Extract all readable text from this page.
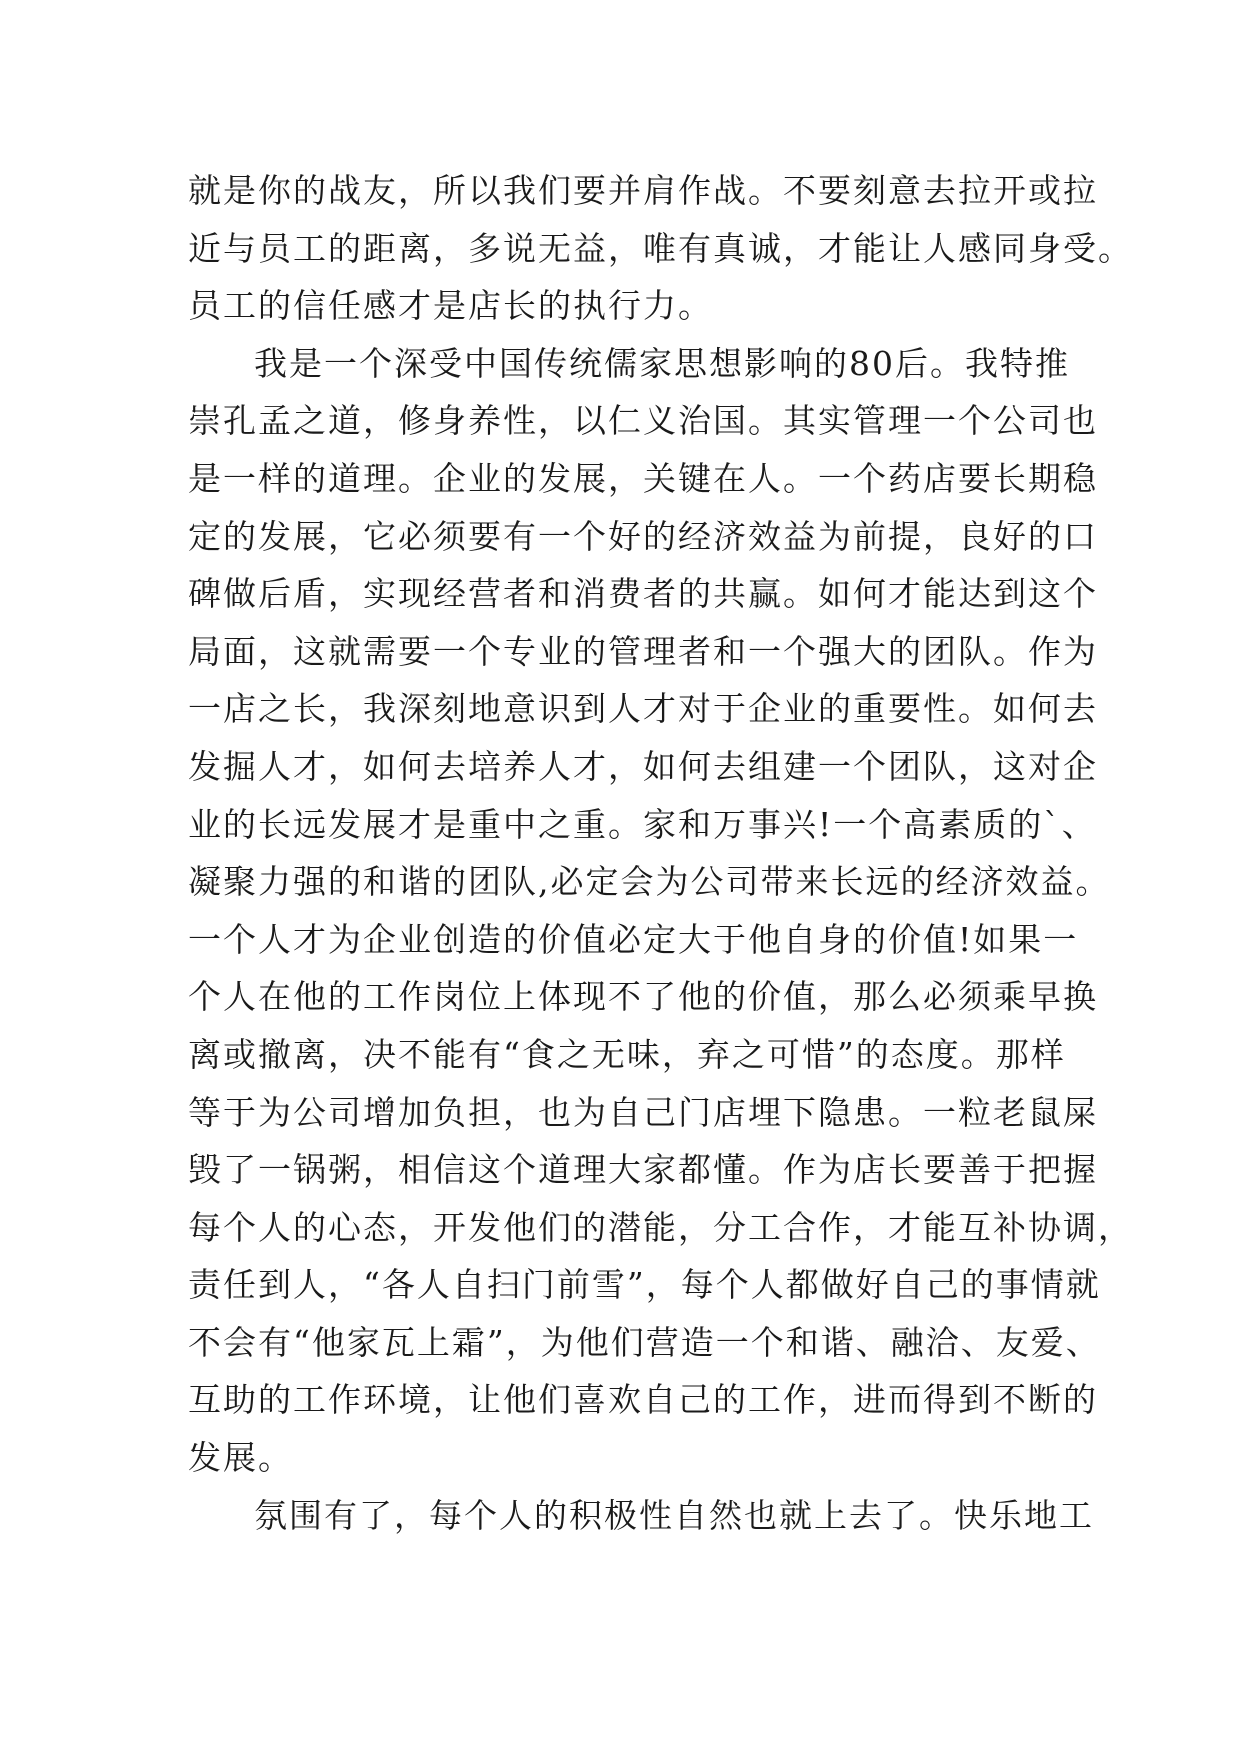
就是你的战友，所以我们要并肩作战。不要刻意去拉开或拉
近与员工的距离，多说无益，唯有真诚，才能让人感同身受。
员工的信任感才是店长的执行力。
我是一个深受中国传统儒家思想影响的80后。我特推
崇孔孟之道，修身养性，以仁义治国。其实管理一个公司也
是一样的道理。企业的发展，关键在人。一个药店要长期稳
定的发展，它必须要有一个好的经济效益为前提，良好的口
碑做后盾，实现经营者和消费者的共赢。如何才能达到这个
局面，这就需要一个专业的管理者和一个强大的团队。作为
一店之长，我深刻地意识到人才对于企业的重要性。如何去
发掘人才，如何去培养人才，如何去组建一个团队，这对企
业的长远发展才是重中之重。家和万事兴!一个高素质的`、
凝聚力强的和谐的团队,必定会为公司带来长远的经济效益。
一个人才为企业创造的价值必定大于他自身的价值!如果一
个人在他的工作岗位上体现不了他的价值，那么必须乘早换
离或撤离，决不能有“食之无味，弃之可惜”的态度。那样
等于为公司增加负担，也为自己门店埋下隐患。一粒老鼠屎
毁了一锅粥，相信这个道理大家都懂。作为店长要善于把握
每个人的心态，开发他们的潜能，分工合作，才能互补协调，
责任到人，“各人自扫门前雪”，每个人都做好自己的事情就
不会有“他家瓦上霜”，为他们营造一个和谐、融洽、友爱、
互助的工作环境，让他们喜欢自己的工作，进而得到不断的
发展。
氛围有了，每个人的积极性自然也就上去了。快乐地工
